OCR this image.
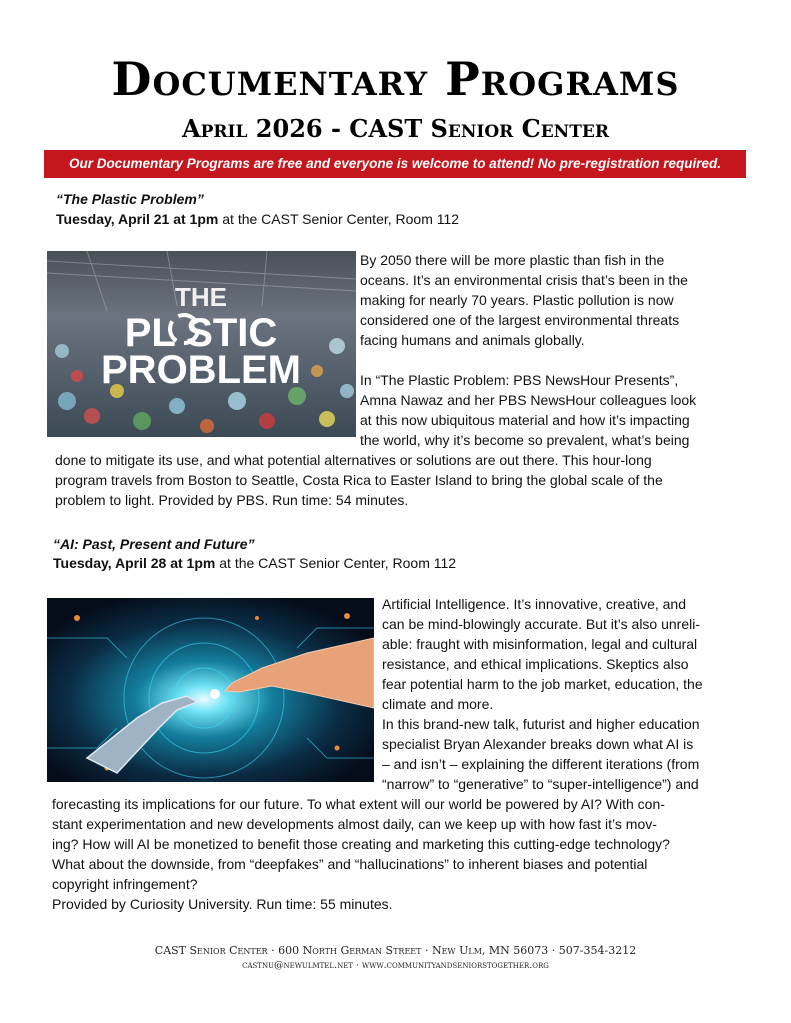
Documentary Programs
April 2026 - CAST Senior Center
Our Documentary Programs are free and everyone is welcome to attend! No pre-registration required.
“The Plastic Problem”
Tuesday, April 21 at 1pm at the CAST Senior Center, Room 112
THE
PL STIC
PROBLEM

By 2050 there will be more plastic than fish in the

oceans. It’s an environmental crisis that’s been in the

making for nearly 70 years. Plastic pollution is now

considered one of the largest environmental threats

facing humans and animals globally.

In “The Plastic Problem: PBS NewsHour Presents”,

Amna Nawaz and her PBS NewsHour colleagues look

at this now ubiquitous material and how it’s impacting

the world, why it’s become so prevalent, what’s being

done to mitigate its use, and what potential alternatives or solutions are out there. This hour-long

program travels from Boston to Seattle, Costa Rica to Easter Island to bring the global scale of the

problem to light. Provided by PBS. Run time: 54 minutes.

“AI: Past, Present and Future”
Tuesday, April 28 at 1pm at the CAST Senior Center, Room 112

Artificial Intelligence. It’s innovative, creative, and

can be mind-blowingly accurate. But it’s also unreli-

able: fraught with misinformation, legal and cultural

resistance, and ethical implications. Skeptics also

fear potential harm to the job market, education, the

climate and more.

In this brand-new talk, futurist and higher education

specialist Bryan Alexander breaks down what AI is

– and isn’t – explaining the different iterations (from

“narrow” to “generative” to “super-intelligence”) and

forecasting its implications for our future. To what extent will our world be powered by AI? With con-

stant experimentation and new developments almost daily, can we keep up with how fast it’s mov-

ing? How will AI be monetized to benefit those creating and marketing this cutting-edge technology?

What about the downside, from “deepfakes” and “hallucinations” to inherent biases and potential

copyright infringement?

Provided by Curiosity University. Run time: 55 minutes.

CAST Senior Center · 600 North German Street · New Ulm, MN 56073 · 507-354-3212
castnu@newulmtel.net · www.communityandseniorstogether.org
